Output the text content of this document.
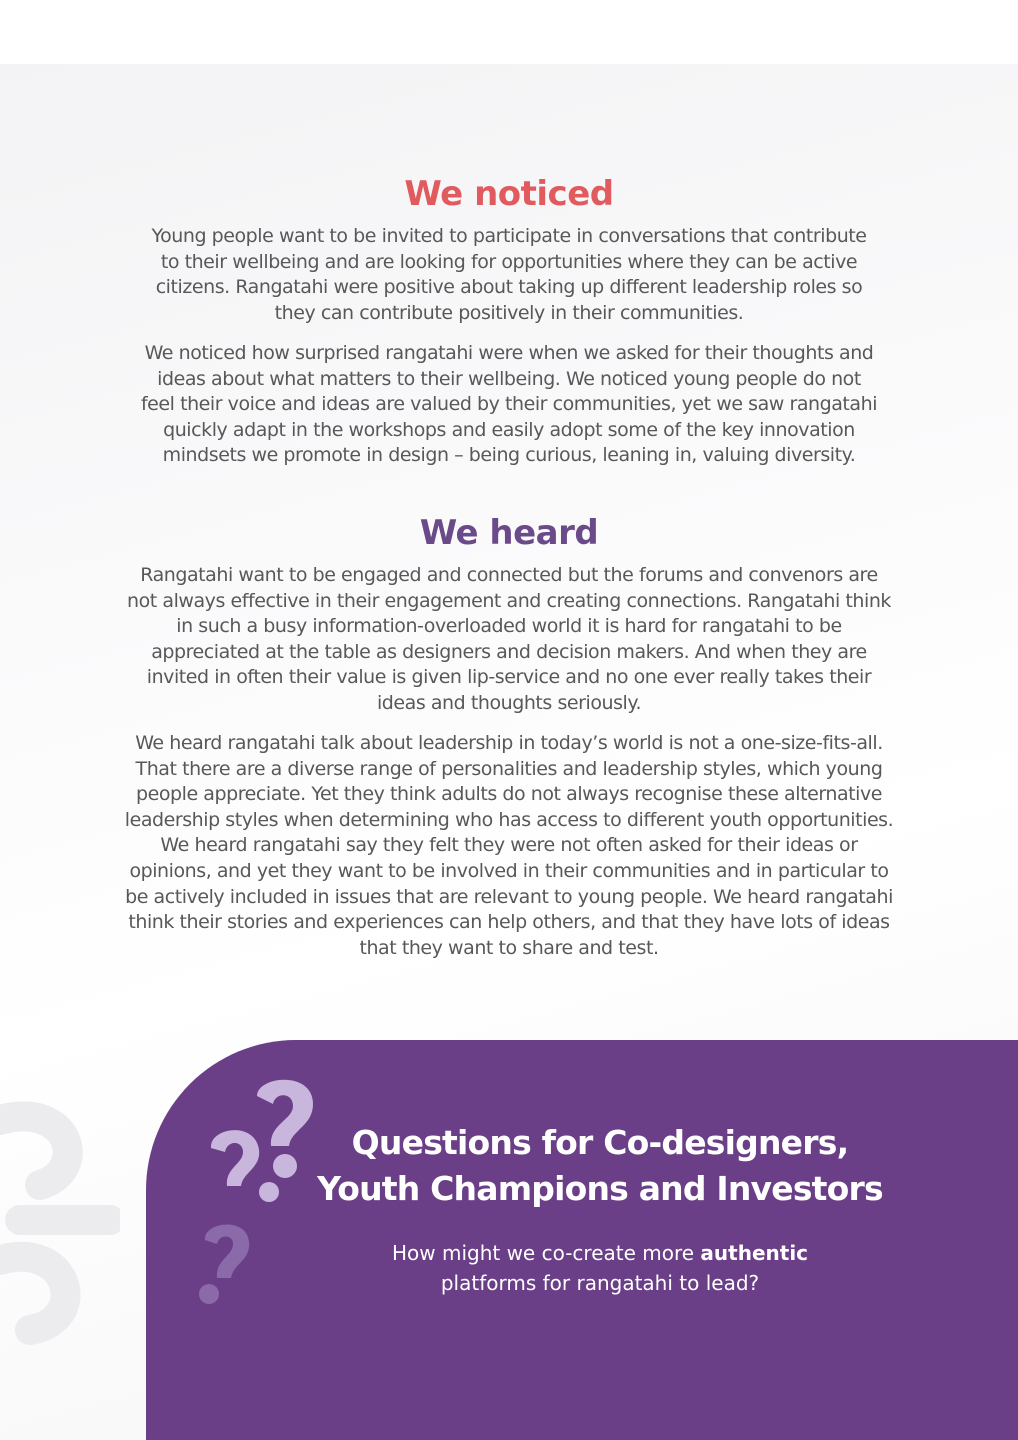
We noticed

Young people want to be invited to participate in conversations that contribute to their wellbeing and are looking for opportunities where they can be active citizens. Rangatahi were positive about taking up different leadership roles so they can contribute positively in their communities.

We noticed how surprised rangatahi were when we asked for their thoughts and ideas about what matters to their wellbeing. We noticed young people do not feel their voice and ideas are valued by their communities, yet we saw rangatahi quickly adapt in the workshops and easily adopt some of the key innovation mindsets we promote in design – being curious, leaning in, valuing diversity.

We heard

Rangatahi want to be engaged and connected but the forums and convenors are not always effective in their engagement and creating connections. Rangatahi think in such a busy information-overloaded world it is hard for rangatahi to be appreciated at the table as designers and decision makers. And when they are invited in often their value is given lip-service and no one ever really takes their ideas and thoughts seriously.

We heard rangatahi talk about leadership in today’s world is not a one-size-fits-all. That there are a diverse range of personalities and leadership styles, which young people appreciate. Yet they think adults do not always recognise these alternative leadership styles when determining who has access to different youth opportunities. We heard rangatahi say they felt they were not often asked for their ideas or opinions, and yet they want to be involved in their communities and in particular to be actively included in issues that are relevant to young people. We heard rangatahi think their stories and experiences can help others, and that they have lots of ideas that they want to share and test.

Questions for Co-designers,
Youth Champions and Investors

How might we co-create more authentic
platforms for rangatahi to lead?
